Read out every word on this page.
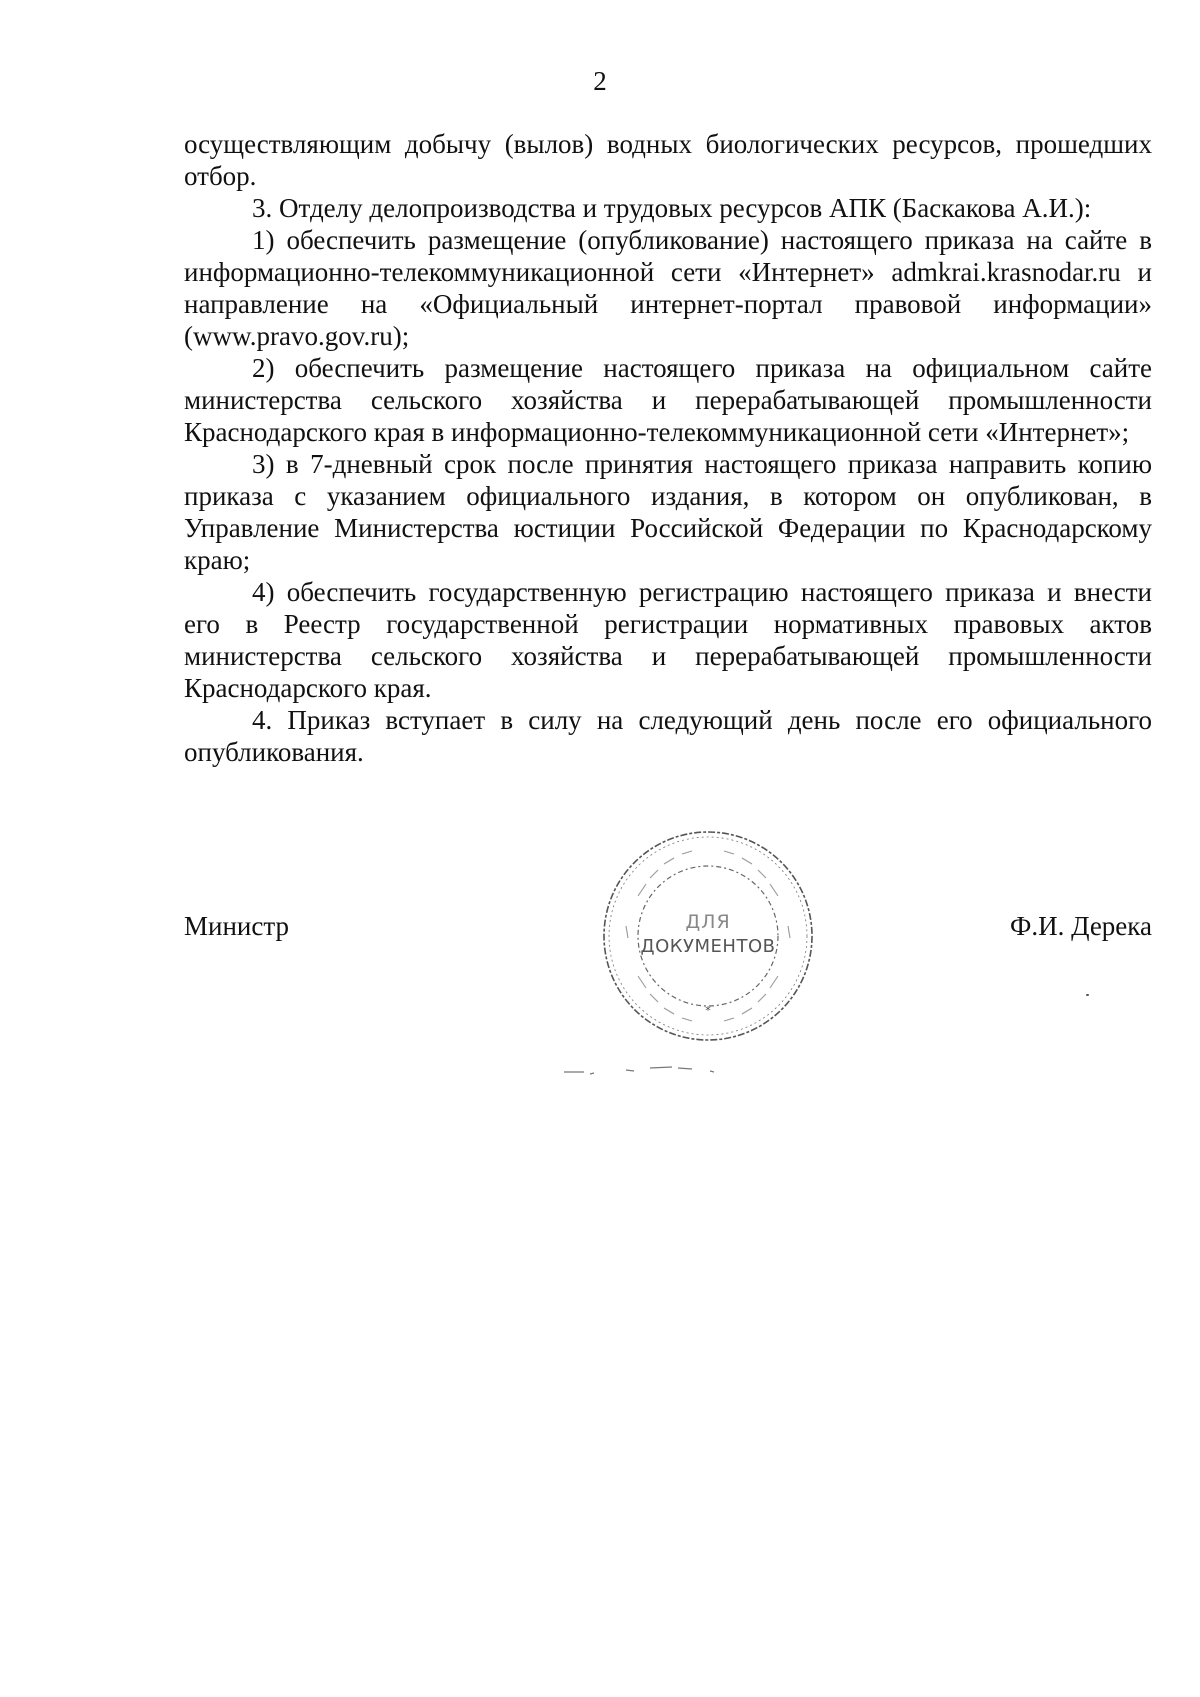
2

осуществляющим добычу (вылов) водных биологических ресурсов, прошедших отбор.

3. Отделу делопроизводства и трудовых ресурсов АПК (Баскакова А.И.):

1) обеспечить размещение (опубликование) настоящего приказа на сайте в информационно-телекоммуникационной сети «Интернет» admkrai.krasnodar.ru и направление на «Официальный интернет-портал правовой информации» (www.pravo.gov.ru);

2) обеспечить размещение настоящего приказа на официальном сайте министерства сельского хозяйства и перерабатывающей промышленности Краснодарского края в информационно-телекоммуникационной сети «Интернет»;

3) в 7-дневный срок после принятия настоящего приказа направить копию приказа с указанием официального издания, в котором он опубликован, в Управление Министерства юстиции Российской Федерации по Краснодарскому краю;

4) обеспечить государственную регистрацию настоящего приказа и внести его в Реестр государственной регистрации нормативных правовых актов министерства сельского хозяйства и перерабатывающей промышленности Краснодарского края.

4. Приказ вступает в силу на следующий день после его официального опубликования.

Министр	Ф.И. Дерека
ДЛЯ
ДОКУМЕНТОВ
*
